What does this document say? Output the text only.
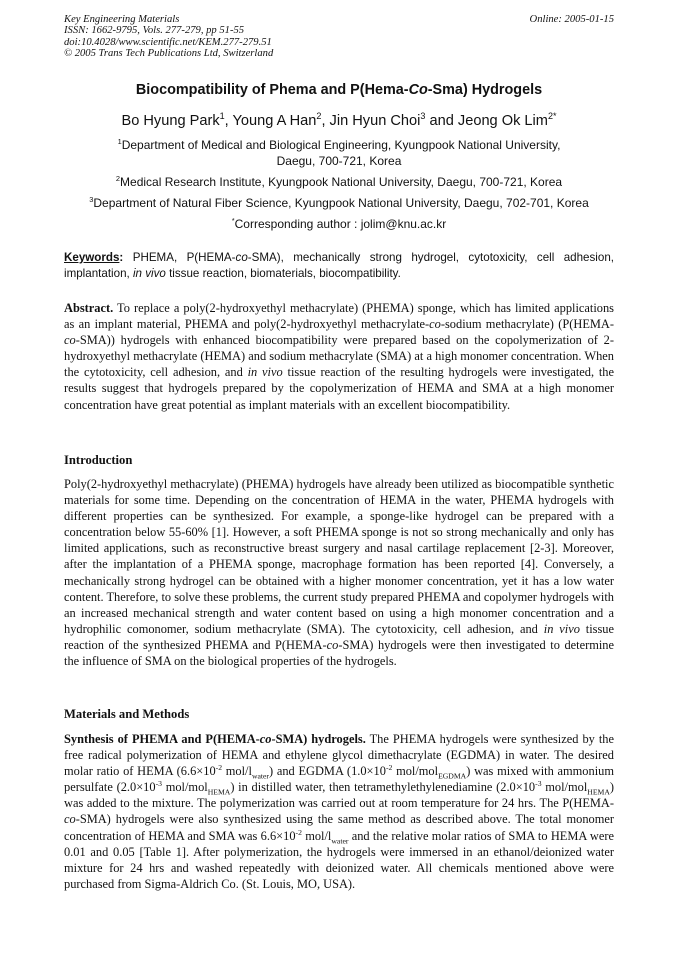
Key Engineering Materials
ISSN: 1662-9795, Vols. 277-279, pp 51-55
doi:10.4028/www.scientific.net/KEM.277-279.51
© 2005 Trans Tech Publications Ltd, Switzerland
Online: 2005-01-15
Biocompatibility of Phema and P(Hema-Co-Sma) Hydrogels
Bo Hyung Park$^1$, Young A Han$^2$, Jin Hyun Choi$^3$ and Jeong Ok Lim$^{2*}$
$^1$Department of Medical and Biological Engineering, Kyungpook National University,
Daegu, 700-721, Korea
$^2$Medical Research Institute, Kyungpook National University, Daegu, 700-721, Korea
$^3$Department of Natural Fiber Science, Kyungpook National University, Daegu, 702-701, Korea
*Corresponding author : jolim@knu.ac.kr
Keywords: PHEMA, P(HEMA-co-SMA), mechanically strong hydrogel, cytotoxicity, cell adhesion, implantation, in vivo tissue reaction, biomaterials, biocompatibility.
Abstract. To replace a poly(2-hydroxyethyl methacrylate) (PHEMA) sponge, which has limited applications as an implant material, PHEMA and poly(2-hydroxyethyl methacrylate-co-sodium methacrylate) (P(HEMA-co-SMA)) hydrogels with enhanced biocompatibility were prepared based on the copolymerization of 2-hydroxyethyl methacrylate (HEMA) and sodium methacrylate (SMA) at a high monomer concentration. When the cytotoxicity, cell adhesion, and in vivo tissue reaction of the resulting hydrogels were investigated, the results suggest that hydrogels prepared by the copolymerization of HEMA and SMA at a high monomer concentration have great potential as implant materials with an excellent biocompatibility.
Introduction
Poly(2-hydroxyethyl methacrylate) (PHEMA) hydrogels have already been utilized as biocompatible synthetic materials for some time. Depending on the concentration of HEMA in the water, PHEMA hydrogels with different properties can be synthesized. For example, a sponge-like hydrogel can be prepared with a concentration below 55-60% [1]. However, a soft PHEMA sponge is not so strong mechanically and only has limited applications, such as reconstructive breast surgery and nasal cartilage replacement [2-3]. Moreover, after the implantation of a PHEMA sponge, macrophage formation has been reported [4]. Conversely, a mechanically strong hydrogel can be obtained with a higher monomer concentration, yet it has a low water content. Therefore, to solve these problems, the current study prepared PHEMA and copolymer hydrogels with an increased mechanical strength and water content based on using a high monomer concentration and a hydrophilic comonomer, sodium methacrylate (SMA). The cytotoxicity, cell adhesion, and in vivo tissue reaction of the synthesized PHEMA and P(HEMA-co-SMA) hydrogels were then investigated to determine the influence of SMA on the biological properties of the hydrogels.
Materials and Methods
Synthesis of PHEMA and P(HEMA-co-SMA) hydrogels. The PHEMA hydrogels were synthesized by the free radical polymerization of HEMA and ethylene glycol dimethacrylate (EGDMA) in water. The desired molar ratio of HEMA ($6.6\times 10^{-2}$ mol/$l_{water}$) and EGDMA ($1.0\times 10^{-2}$ mol/mol$_{EGDMA}$) was mixed with ammonium persulfate ($2.0\times 10^{-3}$ mol/mol$_{HEMA}$) in distilled water, then tetramethylethylenediamine ($2.0\times 10^{-3}$ mol/mol$_{HEMA}$) was added to the mixture. The polymerization was carried out at room temperature for 24 hrs. The P(HEMA-co-SMA) hydrogels were also synthesized using the same method as described above. The total monomer concentration of HEMA and SMA was $6.6\times 10^{-2}$ mol/$l_{water}$ and the relative molar ratios of SMA to HEMA were 0.01 and 0.05 [Table 1]. After polymerization, the hydrogels were immersed in an ethanol/deionized water mixture for 24 hrs and washed repeatedly with deionized water. All chemicals mentioned above were purchased from Sigma-Aldrich Co. (St. Louis, MO, USA).
